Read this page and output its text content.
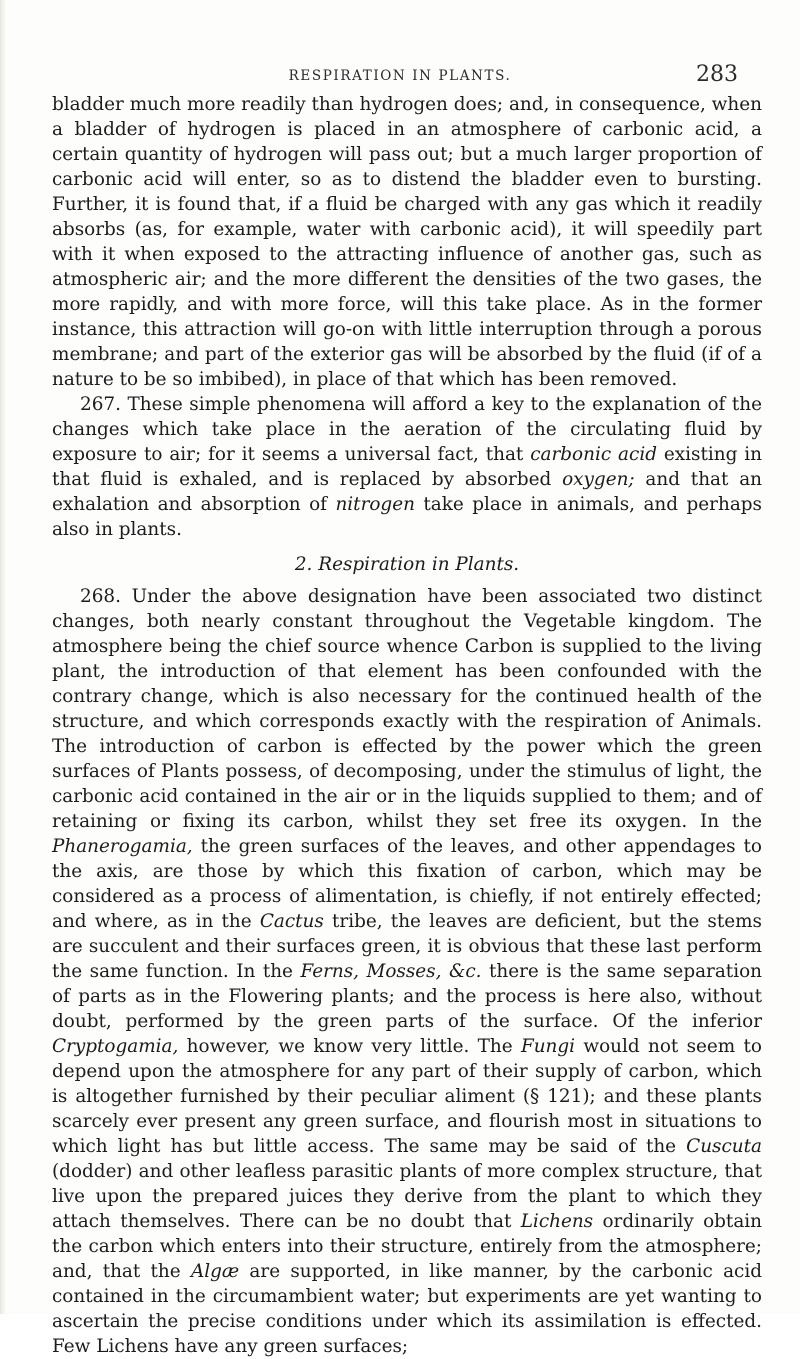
RESPIRATION IN PLANTS.	283

bladder much more readily than hydrogen does; and, in consequence, when a bladder of hydrogen is placed in an atmosphere of carbonic acid, a certain quantity of hydrogen will pass out; but a much larger proportion of carbonic acid will enter, so as to distend the bladder even to bursting. Further, it is found that, if a fluid be charged with any gas which it readily absorbs (as, for example, water with carbonic acid), it will speedily part with it when exposed to the attracting influence of another gas, such as atmospheric air; and the more different the densities of the two gases, the more rapidly, and with more force, will this take place. As in the former instance, this attraction will go-on with little interruption through a porous membrane; and part of the exterior gas will be absorbed by the fluid (if of a nature to be so imbibed), in place of that which has been removed.

267. These simple phenomena will afford a key to the explanation of the changes which take place in the aeration of the circulating fluid by exposure to air; for it seems a universal fact, that carbonic acid existing in that fluid is exhaled, and is replaced by absorbed oxygen; and that an exhalation and absorption of nitrogen take place in animals, and perhaps also in plants.

2. Respiration in Plants.

268. Under the above designation have been associated two distinct changes, both nearly constant throughout the Vegetable kingdom. The atmosphere being the chief source whence Carbon is supplied to the living plant, the introduction of that element has been confounded with the contrary change, which is also necessary for the continued health of the structure, and which corresponds exactly with the respiration of Animals. The introduction of carbon is effected by the power which the green surfaces of Plants possess, of decomposing, under the stimulus of light, the carbonic acid contained in the air or in the liquids supplied to them; and of retaining or fixing its carbon, whilst they set free its oxygen. In the Phanerogamia, the green surfaces of the leaves, and other appendages to the axis, are those by which this fixation of carbon, which may be considered as a process of alimentation, is chiefly, if not entirely effected; and where, as in the Cactus tribe, the leaves are deficient, but the stems are succulent and their surfaces green, it is obvious that these last perform the same function. In the Ferns, Mosses, &c. there is the same separation of parts as in the Flowering plants; and the process is here also, without doubt, performed by the green parts of the surface. Of the inferior Cryptogamia, however, we know very little. The Fungi would not seem to depend upon the atmosphere for any part of their supply of carbon, which is altogether furnished by their peculiar aliment (§ 121); and these plants scarcely ever present any green surface, and flourish most in situations to which light has but little access. The same may be said of the Cuscuta (dodder) and other leafless parasitic plants of more complex structure, that live upon the prepared juices they derive from the plant to which they attach themselves. There can be no doubt that Lichens ordinarily obtain the carbon which enters into their structure, entirely from the atmosphere; and, that the Algæ are supported, in like manner, by the carbonic acid contained in the circumambient water; but experiments are yet wanting to ascertain the precise conditions under which its assimilation is effected. Few Lichens have any green surfaces;
